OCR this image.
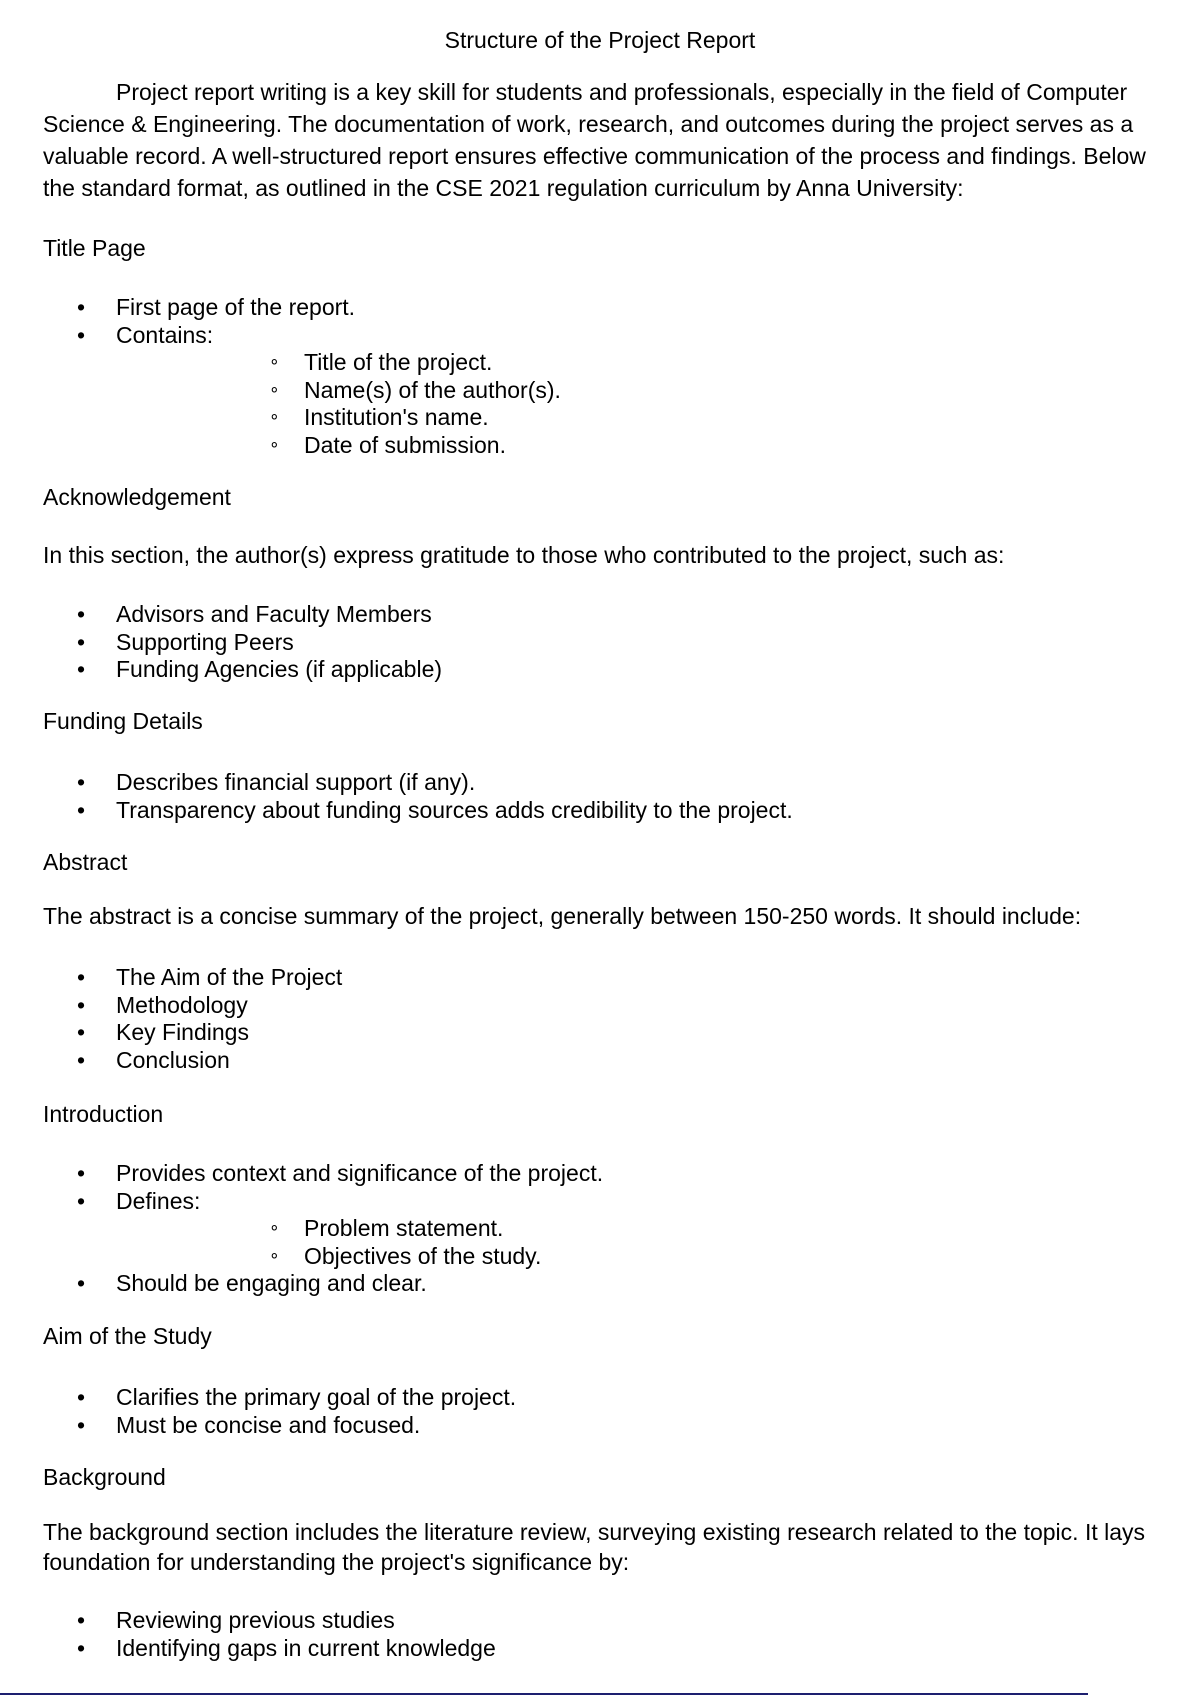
Structure of the Project Report

Project report writing is a key skill for students and professionals, especially in the field of Computer
Science & Engineering. The documentation of work, research, and outcomes during the project serves as a
valuable record. A well-structured report ensures effective communication of the process and findings. Below
the standard format, as outlined in the CSE 2021 regulation curriculum by Anna University:

Title Page
• First page of the report.
• Contains:
∘ Title of the project.
∘ Name(s) of the author(s).
∘ Institution's name.
∘ Date of submission.
Acknowledgement

In this section, the author(s) express gratitude to those who contributed to the project, such as:

• Advisors and Faculty Members
• Supporting Peers
• Funding Agencies (if applicable)
Funding Details
• Describes financial support (if any).
• Transparency about funding sources adds credibility to the project.
Abstract

The abstract is a concise summary of the project, generally between 150-250 words. It should include:

• The Aim of the Project
• Methodology
• Key Findings
• Conclusion
Introduction
• Provides context and significance of the project.
• Defines:
∘ Problem statement.
∘ Objectives of the study.
• Should be engaging and clear.
Aim of the Study
• Clarifies the primary goal of the project.
• Must be concise and focused.
Background

The background section includes the literature review, surveying existing research related to the topic. It lays
foundation for understanding the project's significance by:

• Reviewing previous studies
• Identifying gaps in current knowledge
